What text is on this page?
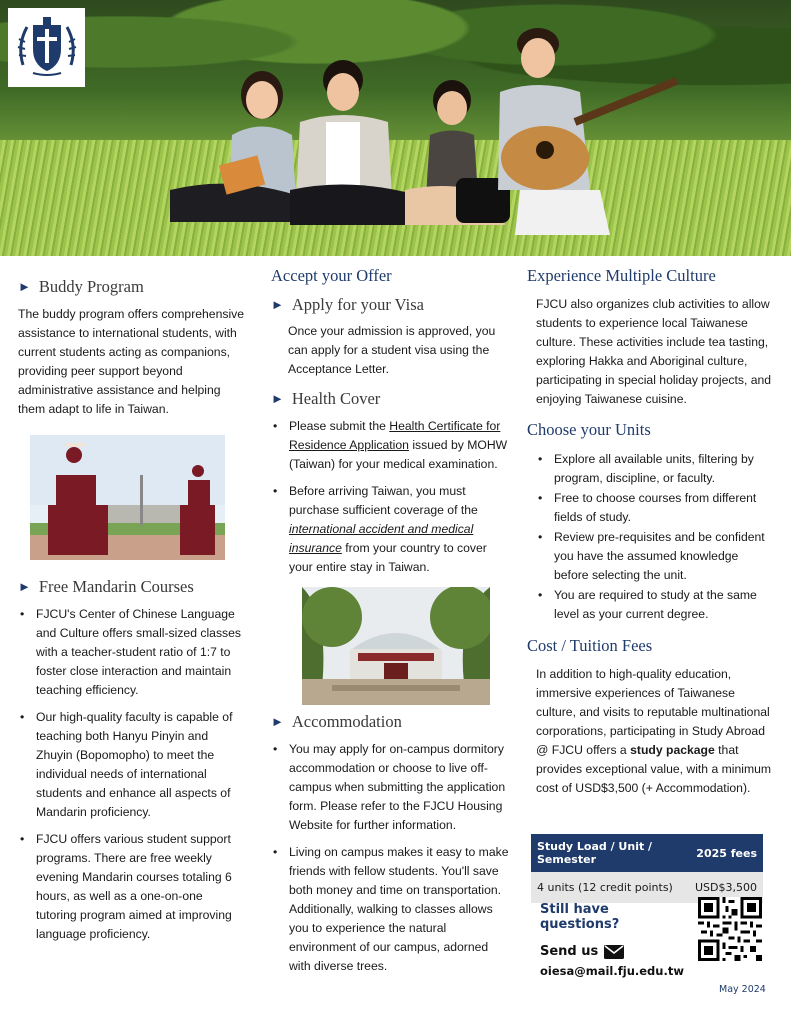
► Buddy Program

The buddy program offers comprehensive assistance to international students, with current students acting as companions, providing peer support beyond administrative assistance and helping them adapt to life in Taiwan.

► Free Mandarin Courses
• FJCU's Center of Chinese Language and Culture offers small-sized classes with a teacher-student ratio of 1:7 to foster close interaction and maintain teaching efficiency.
• Our high-quality faculty is capable of teaching both Hanyu Pinyin and Zhuyin (Bopomopho) to meet the individual needs of international students and enhance all aspects of Mandarin proficiency.
• FJCU offers various student support programs. There are free weekly evening Mandarin courses totaling 6 hours, as well as a one-on-one tutoring program aimed at improving language proficiency.
Accept your Offer
► Apply for your Visa

Once your admission is approved, you can apply for a student visa using the Acceptance Letter.

► Health Cover
• Please submit the Health Certificate for Residence Application issued by MOHW (Taiwan) for your medical examination.
• Before arriving Taiwan, you must purchase sufficient coverage of the international accident and medical insurance from your country to cover your entire stay in Taiwan.
► Accommodation
• You may apply for on-campus dormitory accommodation or choose to live off-campus when submitting the application form. Please refer to the FJCU Housing Website for further information.
• Living on campus makes it easy to make friends with fellow students. You'll save both money and time on transportation. Additionally, walking to classes allows you to experience the natural environment of our campus, adorned with diverse trees.
Experience Multiple Culture

FJCU also organizes club activities to allow students to experience local Taiwanese culture. These activities include tea tasting, exploring Hakka and Aboriginal culture, participating in special holiday projects, and enjoying Taiwanese cuisine.

Choose your Units
• Explore all available units, filtering by program, discipline, or faculty.
• Free to choose courses from different fields of study.
• Review pre-requisites and be confident you have the assumed knowledge before selecting the unit.
• You are required to study at the same level as your current degree.
Cost / Tuition Fees

In addition to high-quality education, immersive experiences of Taiwanese culture, and visits to reputable multinational corporations, participating in Study Abroad @ FJCU offers a study package that provides exceptional value, with a minimum cost of USD$3,500 (+ Accommodation).

Study Load / Unit / Semester	2025 fees
4 units (12 credit points)	USD$3,500
Still have questions?
Send us
oiesa@mail.fju.edu.tw
May 2024
